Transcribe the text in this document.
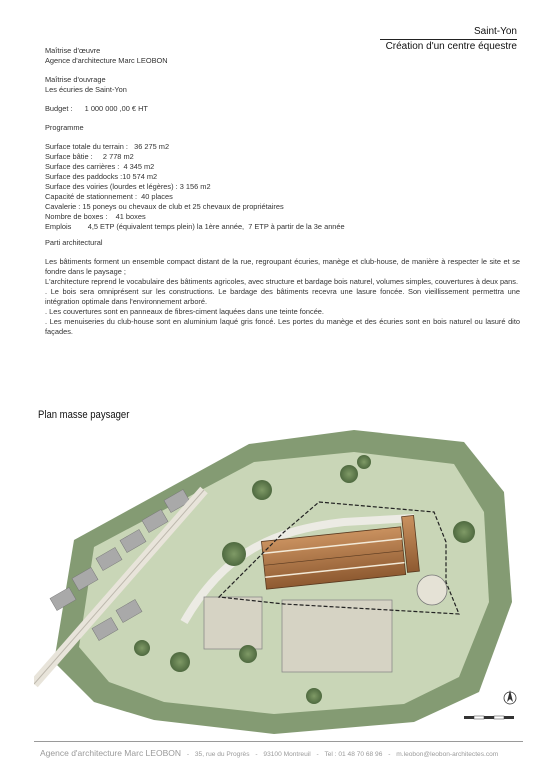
Saint-Yon
Création d'un centre équestre

Maîtrise d'œuvre

Agence d'architecture Marc LEOBON

Maîtrise d'ouvrage

Les écuries de Saint-Yon

Budget : 1 000 000 ,00 € HT

Programme

Surface totale du terrain :   36 275 m2

Surface bâtie :     2 778 m2

Surface des carrières :  4 345 m2

Surface des paddocks :10 574 m2

Surface des voiries (lourdes et légères) : 3 156 m2

Capacité de stationnement :  40 places

Cavalerie : 15 poneys ou chevaux de club et 25 chevaux de propriétaires

Nombre de boxes :    41 boxes

Emplois        4,5 ETP (équivalent temps plein) la 1ère année,  7 ETP à partir de la 3e année

Parti architectural

Les bâtiments forment un ensemble compact distant de la rue, regroupant écuries, manège et club-house, de manière à respecter le site et se fondre dans le paysage ;

L'architecture reprend le vocabulaire des bâtiments agricoles, avec structure et bardage bois naturel, volumes simples, couvertures à deux pans.

. Le bois sera omniprésent sur les constructions. Le bardage des bâtiments recevra une lasure foncée. Son vieillissement permettra une intégration optimale dans l'environnement arboré.

. Les couvertures sont en panneaux de fibres-ciment laquées dans une teinte foncée.

. Les menuiseries du club-house sont en aluminium laqué gris foncé. Les portes du manège et des écuries sont en bois naturel ou lasuré dito façades.

Plan masse paysager
Agence d'architecture Marc LEOBON - 35, rue du Progrès - 93100 Montreuil - Tel : 01 48 70 68 96 - m.leobon@leobon-architectes.com
